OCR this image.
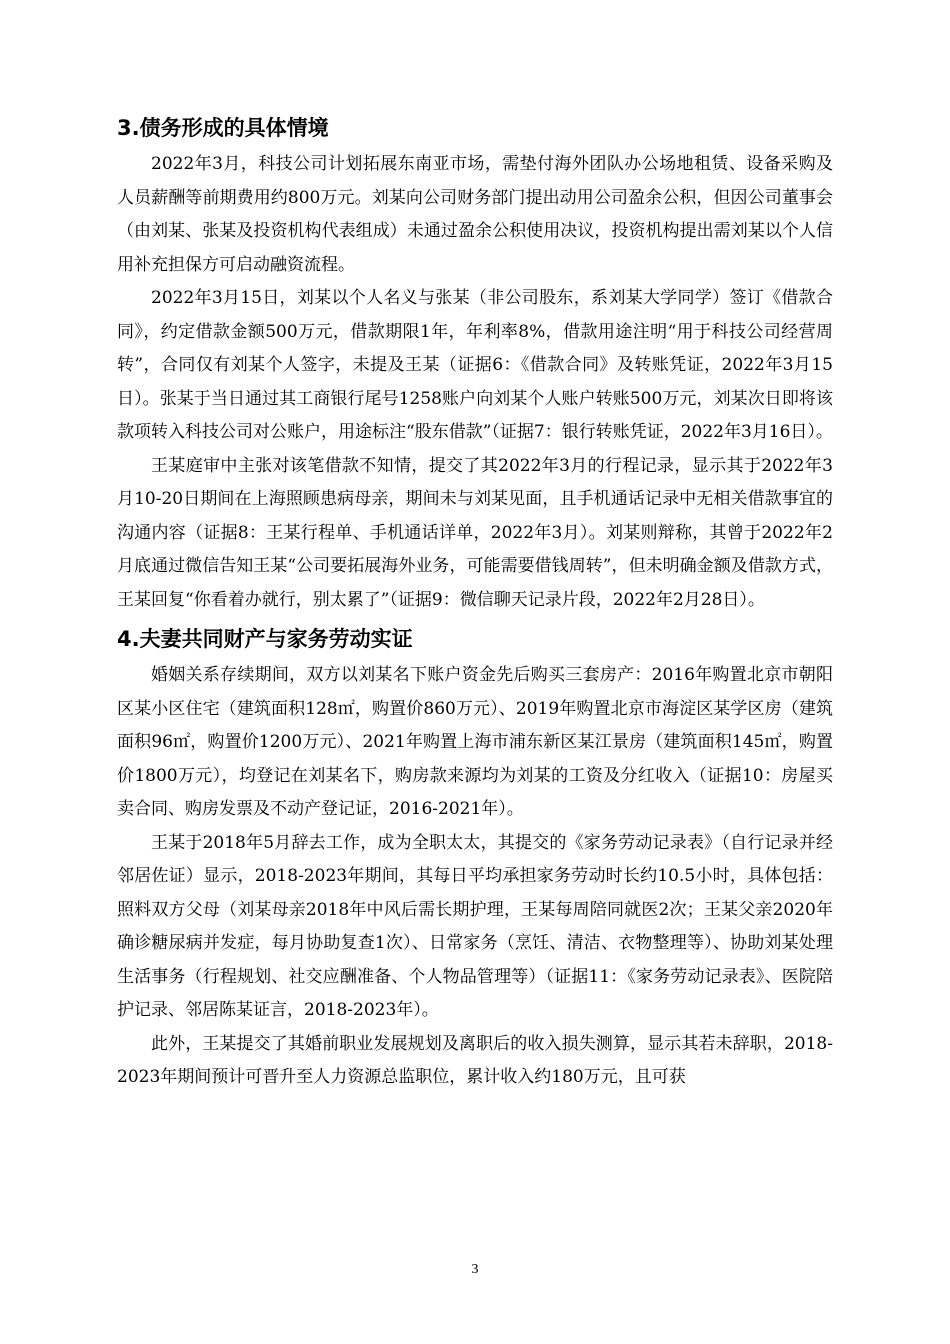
3.债务形成的具体情境

2022年3月，科技公司计划拓展东南亚市场，需垫付海外团队办公场地租赁、设备采购及人员薪酬等前期费用约800万元。刘某向公司财务部门提出动用公司盈余公积，但因公司董事会（由刘某、张某及投资机构代表组成）未通过盈余公积使用决议，投资机构提出需刘某以个人信用补充担保方可启动融资流程。

2022年3月15日，刘某以个人名义与张某（非公司股东，系刘某大学同学）签订《借款合同》，约定借款金额500万元，借款期限1年，年利率8%，借款用途注明“用于科技公司经营周转”，合同仅有刘某个人签字，未提及王某（证据6：《借款合同》及转账凭证，2022年3月15日）。张某于当日通过其工商银行尾号1258账户向刘某个人账户转账500万元，刘某次日即将该款项转入科技公司对公账户，用途标注“股东借款”（证据7：银行转账凭证，2022年3月16日）。

王某庭审中主张对该笔借款不知情，提交了其2022年3月的行程记录，显示其于2022年3月10-20日期间在上海照顾患病母亲，期间未与刘某见面，且手机通话记录中无相关借款事宜的沟通内容（证据8：王某行程单、手机通话详单，2022年3月）。刘某则辩称，其曾于2022年2月底通过微信告知王某“公司要拓展海外业务，可能需要借钱周转”，但未明确金额及借款方式，王某回复“你看着办就行，别太累了”（证据9：微信聊天记录片段，2022年2月28日）。

4.夫妻共同财产与家务劳动实证

婚姻关系存续期间，双方以刘某名下账户资金先后购买三套房产：2016年购置北京市朝阳区某小区住宅（建筑面积128㎡，购置价860万元）、2019年购置北京市海淀区某学区房（建筑面积96㎡，购置价1200万元）、2021年购置上海市浦东新区某江景房（建筑面积145㎡，购置价1800万元），均登记在刘某名下，购房款来源均为刘某的工资及分红收入（证据10：房屋买卖合同、购房发票及不动产登记证，2016-2021年）。

王某于2018年5月辞去工作，成为全职太太，其提交的《家务劳动记录表》（自行记录并经邻居佐证）显示，2018-2023年期间，其每日平均承担家务劳动时长约10.5小时，具体包括：照料双方父母（刘某母亲2018年中风后需长期护理，王某每周陪同就医2次；王某父亲2020年确诊糖尿病并发症，每月协助复查1次）、日常家务（烹饪、清洁、衣物整理等）、协助刘某处理生活事务（行程规划、社交应酬准备、个人物品管理等）（证据11：《家务劳动记录表》、医院陪护记录、邻居陈某证言，2018-2023年）。

此外，王某提交了其婚前职业发展规划及离职后的收入损失测算，显示其若未辞职，2018-2023年期间预计可晋升至人力资源总监职位，累计收入约180万元，且可获

3
